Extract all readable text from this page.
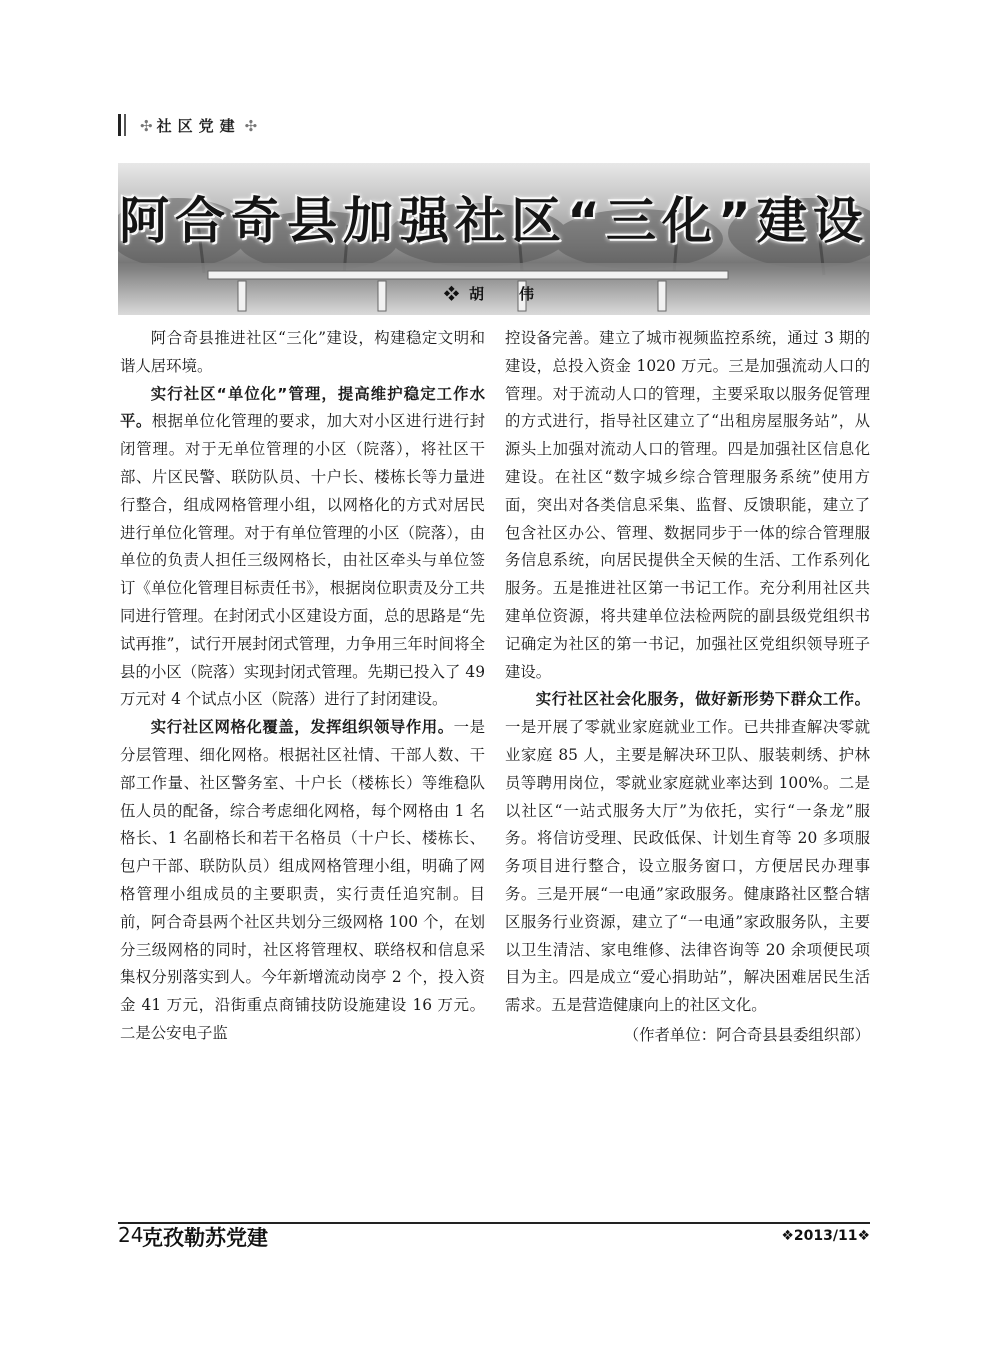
✣ 社区党建 ✣
阿合奇县加强社区“三化”建设
❖胡　伟

阿合奇县推进社区“三化”建设，构建稳定文明和谐人居环境。

实行社区“单位化”管理，提高维护稳定工作水平。根据单位化管理的要求，加大对小区进行进行封闭管理。对于无单位管理的小区（院落），将社区干部、片区民警、联防队员、十户长、楼栋长等力量进行整合，组成网格管理小组，以网格化的方式对居民进行单位化管理。对于有单位管理的小区（院落），由单位的负责人担任三级网格长，由社区牵头与单位签订《单位化管理目标责任书》，根据岗位职责及分工共同进行管理。在封闭式小区建设方面，总的思路是“先试再推”，试行开展封闭式管理，力争用三年时间将全县的小区（院落）实现封闭式管理。先期已投入了 49 万元对 4 个试点小区（院落）进行了封闭建设。

实行社区网格化覆盖，发挥组织领导作用。一是分层管理、细化网格。根据社区社情、干部人数、干部工作量、社区警务室、十户长（楼栋长）等维稳队伍人员的配备，综合考虑细化网格，每个网格由 1 名格长、1 名副格长和若干名格员（十户长、楼栋长、包户干部、联防队员）组成网格管理小组，明确了网格管理小组成员的主要职责，实行责任追究制。目前，阿合奇县两个社区共划分三级网格 100 个，在划分三级网格的同时，社区将管理权、联络权和信息采集权分别落实到人。今年新增流动岗亭 2 个，投入资金 41 万元，沿街重点商铺技防设施建设 16 万元。二是公安电子监

控设备完善。建立了城市视频监控系统，通过 3 期的建设，总投入资金 1020 万元。三是加强流动人口的管理。对于流动人口的管理，主要采取以服务促管理的方式进行，指导社区建立了“出租房屋服务站”，从源头上加强对流动人口的管理。四是加强社区信息化建设。在社区“数字城乡综合管理服务系统”使用方面，突出对各类信息采集、监督、反馈职能，建立了包含社区办公、管理、数据同步于一体的综合管理服务信息系统，向居民提供全天候的生活、工作系列化服务。五是推进社区第一书记工作。充分利用社区共建单位资源，将共建单位法检两院的副县级党组织书记确定为社区的第一书记，加强社区党组织领导班子建设。

实行社区社会化服务，做好新形势下群众工作。一是开展了零就业家庭就业工作。已共排查解决零就业家庭 85 人，主要是解决环卫队、服装刺绣、护林员等聘用岗位，零就业家庭就业率达到 100%。二是以社区“一站式服务大厅”为依托，实行“一条龙”服务。将信访受理、民政低保、计划生育等 20 多项服务项目进行整合，设立服务窗口，方便居民办理事务。三是开展“一电通”家政服务。健康路社区整合辖区服务行业资源，建立了“一电通”家政服务队，主要以卫生清洁、家电维修、法律咨询等 20 余项便民项目为主。四是成立“爱心捐助站”，解决困难居民生活需求。五是营造健康向上的社区文化。

（作者单位：阿合奇县县委组织部）

24
克孜勒苏党建	❖2013/11❖
